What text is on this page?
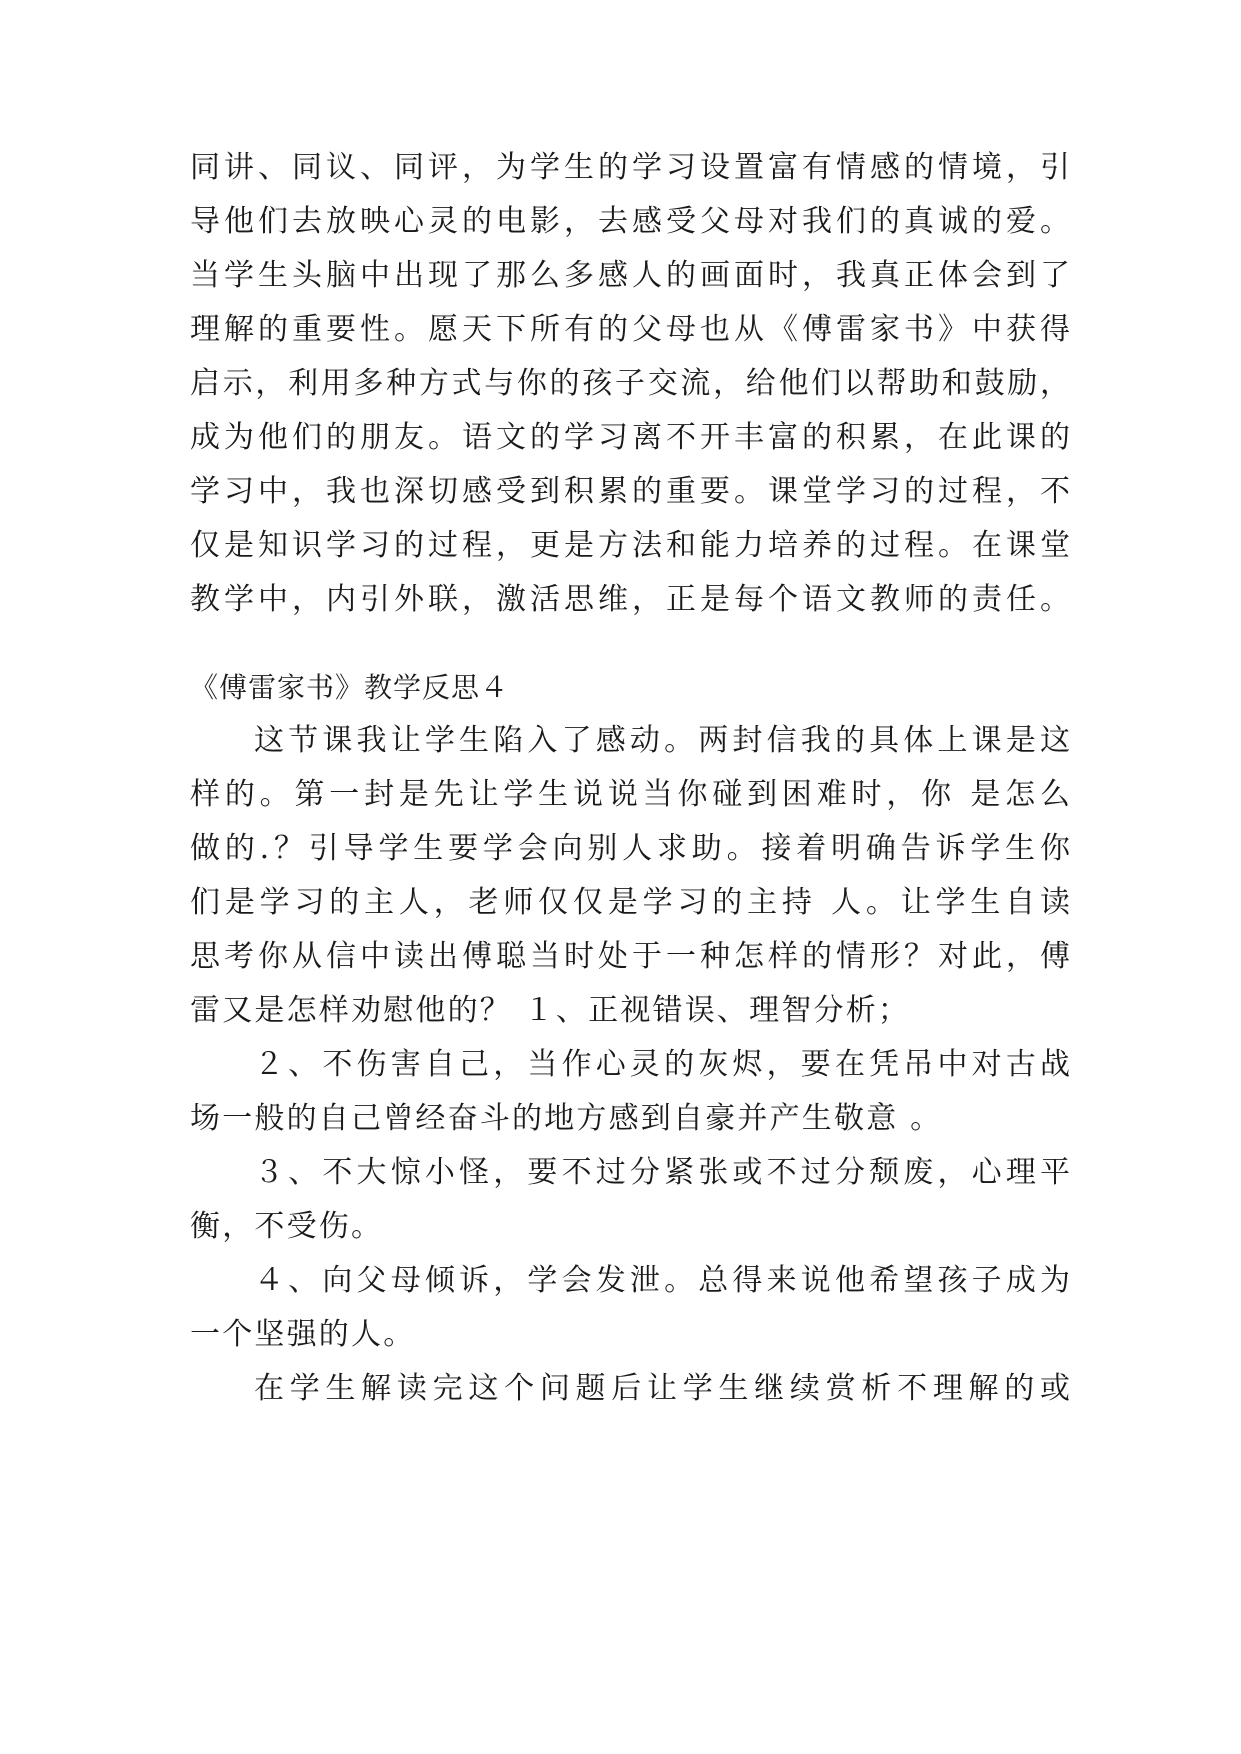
同讲、同议、同评，为学生的学习设置富有情感的情境，引
导他们去放映心灵的电影，去感受父母对我们的真诚的爱。
当学生头脑中出现了那么多感人的画面时，我真正体会到了
理解的重要性。愿天下所有的父母也从《傅雷家书》中获得
启示，利用多种方式与你的孩子交流，给他们以帮助和鼓励，
成为他们的朋友。语文的学习离不开丰富的积累，在此课的
学习中，我也深切感受到积累的重要。课堂学习的过程，不
仅是知识学习的过程，更是方法和能力培养的过程。在课堂
教学中，内引外联，激活思维，正是每个语文教师的责任。
《傅雷家书》教学反思４
这节课我让学生陷入了感动。两封信我的具体上课是这
样的。第一封是先让学生说说当你碰到困难时，你 是怎么
做的.？引导学生要学会向别人求助。接着明确告诉学生你
们是学习的主人，老师仅仅是学习的主持 人。让学生自读
思考你从信中读出傅聪当时处于一种怎样的情形？对此，傅
雷又是怎样劝慰他的？ １、正视错误、理智分析；
２、不伤害自己，当作心灵的灰烬，要在凭吊中对古战
场一般的自己曾经奋斗的地方感到自豪并产生敬意 。
３、不大惊小怪，要不过分紧张或不过分颓废，心理平
衡，不受伤。
４、向父母倾诉，学会发泄。总得来说他希望孩子成为
一个坚强的人。
在学生解读完这个问题后让学生继续赏析不理解的或
